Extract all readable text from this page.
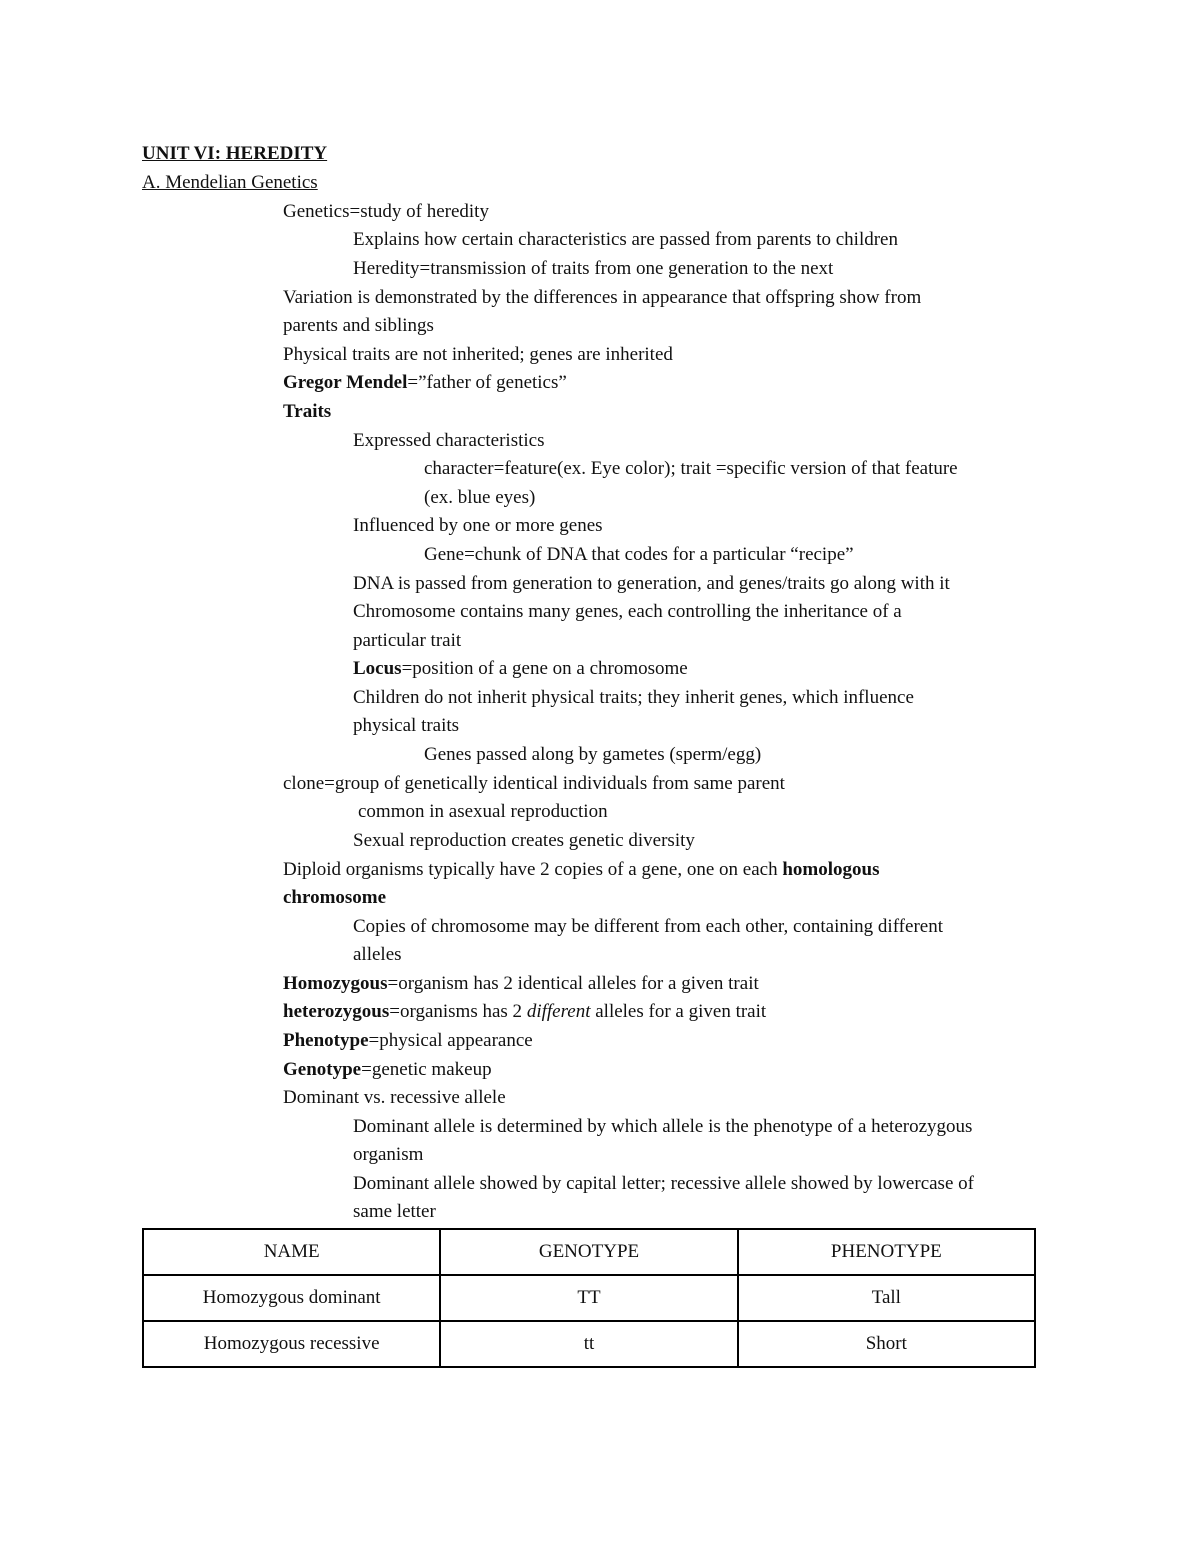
UNIT VI: HEREDITY
A. Mendelian Genetics
Genetics=study of heredity
Explains how certain characteristics are passed from parents to children
Heredity=transmission of traits from one generation to the next
Variation is demonstrated by the differences in appearance that offspring show from
parents and siblings
Physical traits are not inherited; genes are inherited
Gregor Mendel=”father of genetics”
Traits
Expressed characteristics
character=feature(ex. Eye color); trait =specific version of that feature
(ex. blue eyes)
Influenced by one or more genes
Gene=chunk of DNA that codes for a particular “recipe”
DNA is passed from generation to generation, and genes/traits go along with it
Chromosome contains many genes, each controlling the inheritance of a
particular trait
Locus=position of a gene on a chromosome
Children do not inherit physical traits; they inherit genes, which influence
physical traits
Genes passed along by gametes (sperm/egg)
clone=group of genetically identical individuals from same parent
common in asexual reproduction
Sexual reproduction creates genetic diversity
Diploid organisms typically have 2 copies of a gene, one on each homologous
chromosome
Copies of chromosome may be different from each other, containing different
alleles
Homozygous=organism has 2 identical alleles for a given trait
heterozygous=organisms has 2 different alleles for a given trait
Phenotype=physical appearance
Genotype=genetic makeup
Dominant vs. recessive allele
Dominant allele is determined by which allele is the phenotype of a heterozygous
organism
Dominant allele showed by capital letter; recessive allele showed by lowercase of
same letter
NAME	GENOTYPE	PHENOTYPE
Homozygous dominant	TT	Tall
Homozygous recessive	tt	Short
